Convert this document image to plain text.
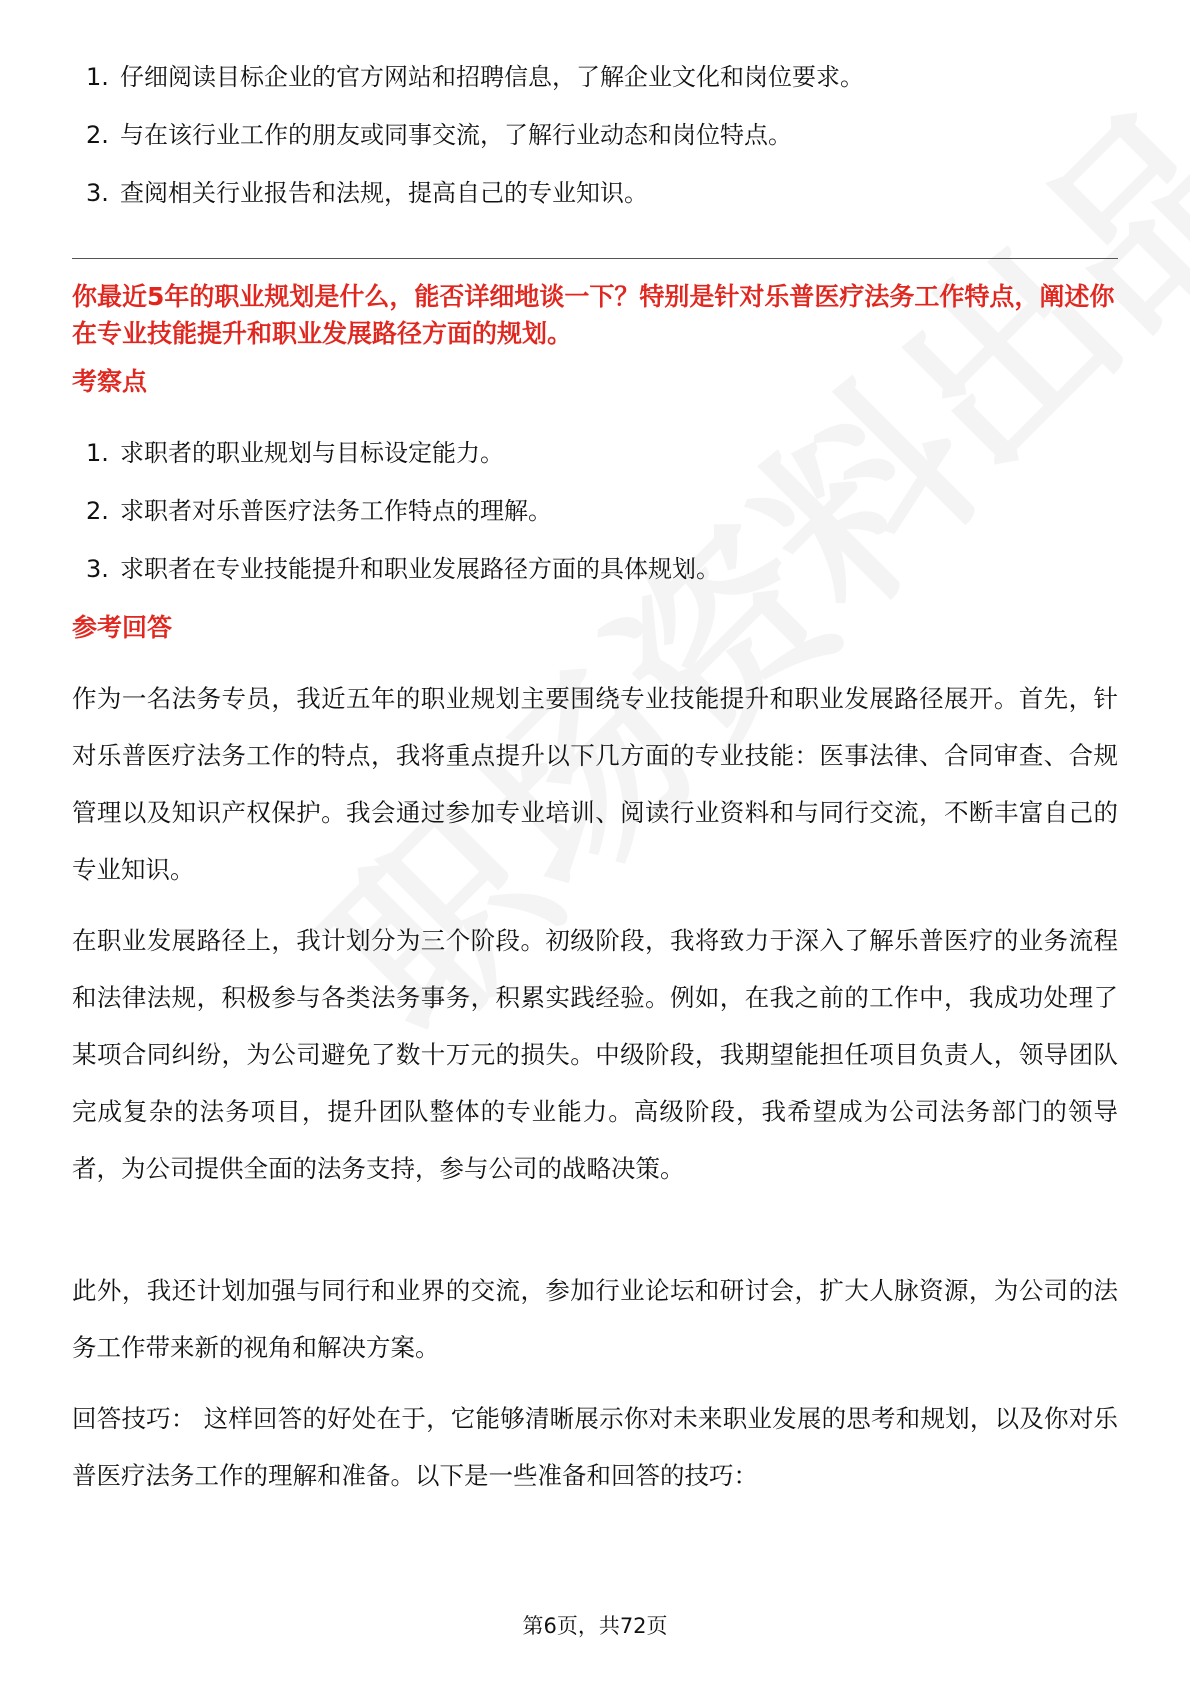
1. 仔细阅读目标企业的官方网站和招聘信息，了解企业文化和岗位要求。
2. 与在该行业工作的朋友或同事交流，了解行业动态和岗位特点。
3. 查阅相关行业报告和法规，提高自己的专业知识。
你最近5年的职业规划是什么，能否详细地谈一下？特别是针对乐普医疗法务工作特点，阐述你在专业技能提升和职业发展路径方面的规划。
考察点
1. 求职者的职业规划与目标设定能力。
2. 求职者对乐普医疗法务工作特点的理解。
3. 求职者在专业技能提升和职业发展路径方面的具体规划。
参考回答

作为一名法务专员，我近五年的职业规划主要围绕专业技能提升和职业发展路径展开。首先，针对乐普医疗法务工作的特点，我将重点提升以下几方面的专业技能：医事法律、合同审查、合规管理以及知识产权保护。我会通过参加专业培训、阅读行业资料和与同行交流，不断丰富自己的专业知识。

在职业发展路径上，我计划分为三个阶段。初级阶段，我将致力于深入了解乐普医疗的业务流程和法律法规，积极参与各类法务事务，积累实践经验。例如，在我之前的工作中，我成功处理了某项合同纠纷，为公司避免了数十万元的损失。中级阶段，我期望能担任项目负责人，领导团队完成复杂的法务项目，提升团队整体的专业能力。高级阶段，我希望成为公司法务部门的领导者，为公司提供全面的法务支持，参与公司的战略决策。

此外，我还计划加强与同行和业界的交流，参加行业论坛和研讨会，扩大人脉资源，为公司的法务工作带来新的视角和解决方案。

回答技巧： 这样回答的好处在于，它能够清晰展示你对未来职业发展的思考和规划，以及你对乐普医疗法务工作的理解和准备。以下是一些准备和回答的技巧：

第6页，共72页
